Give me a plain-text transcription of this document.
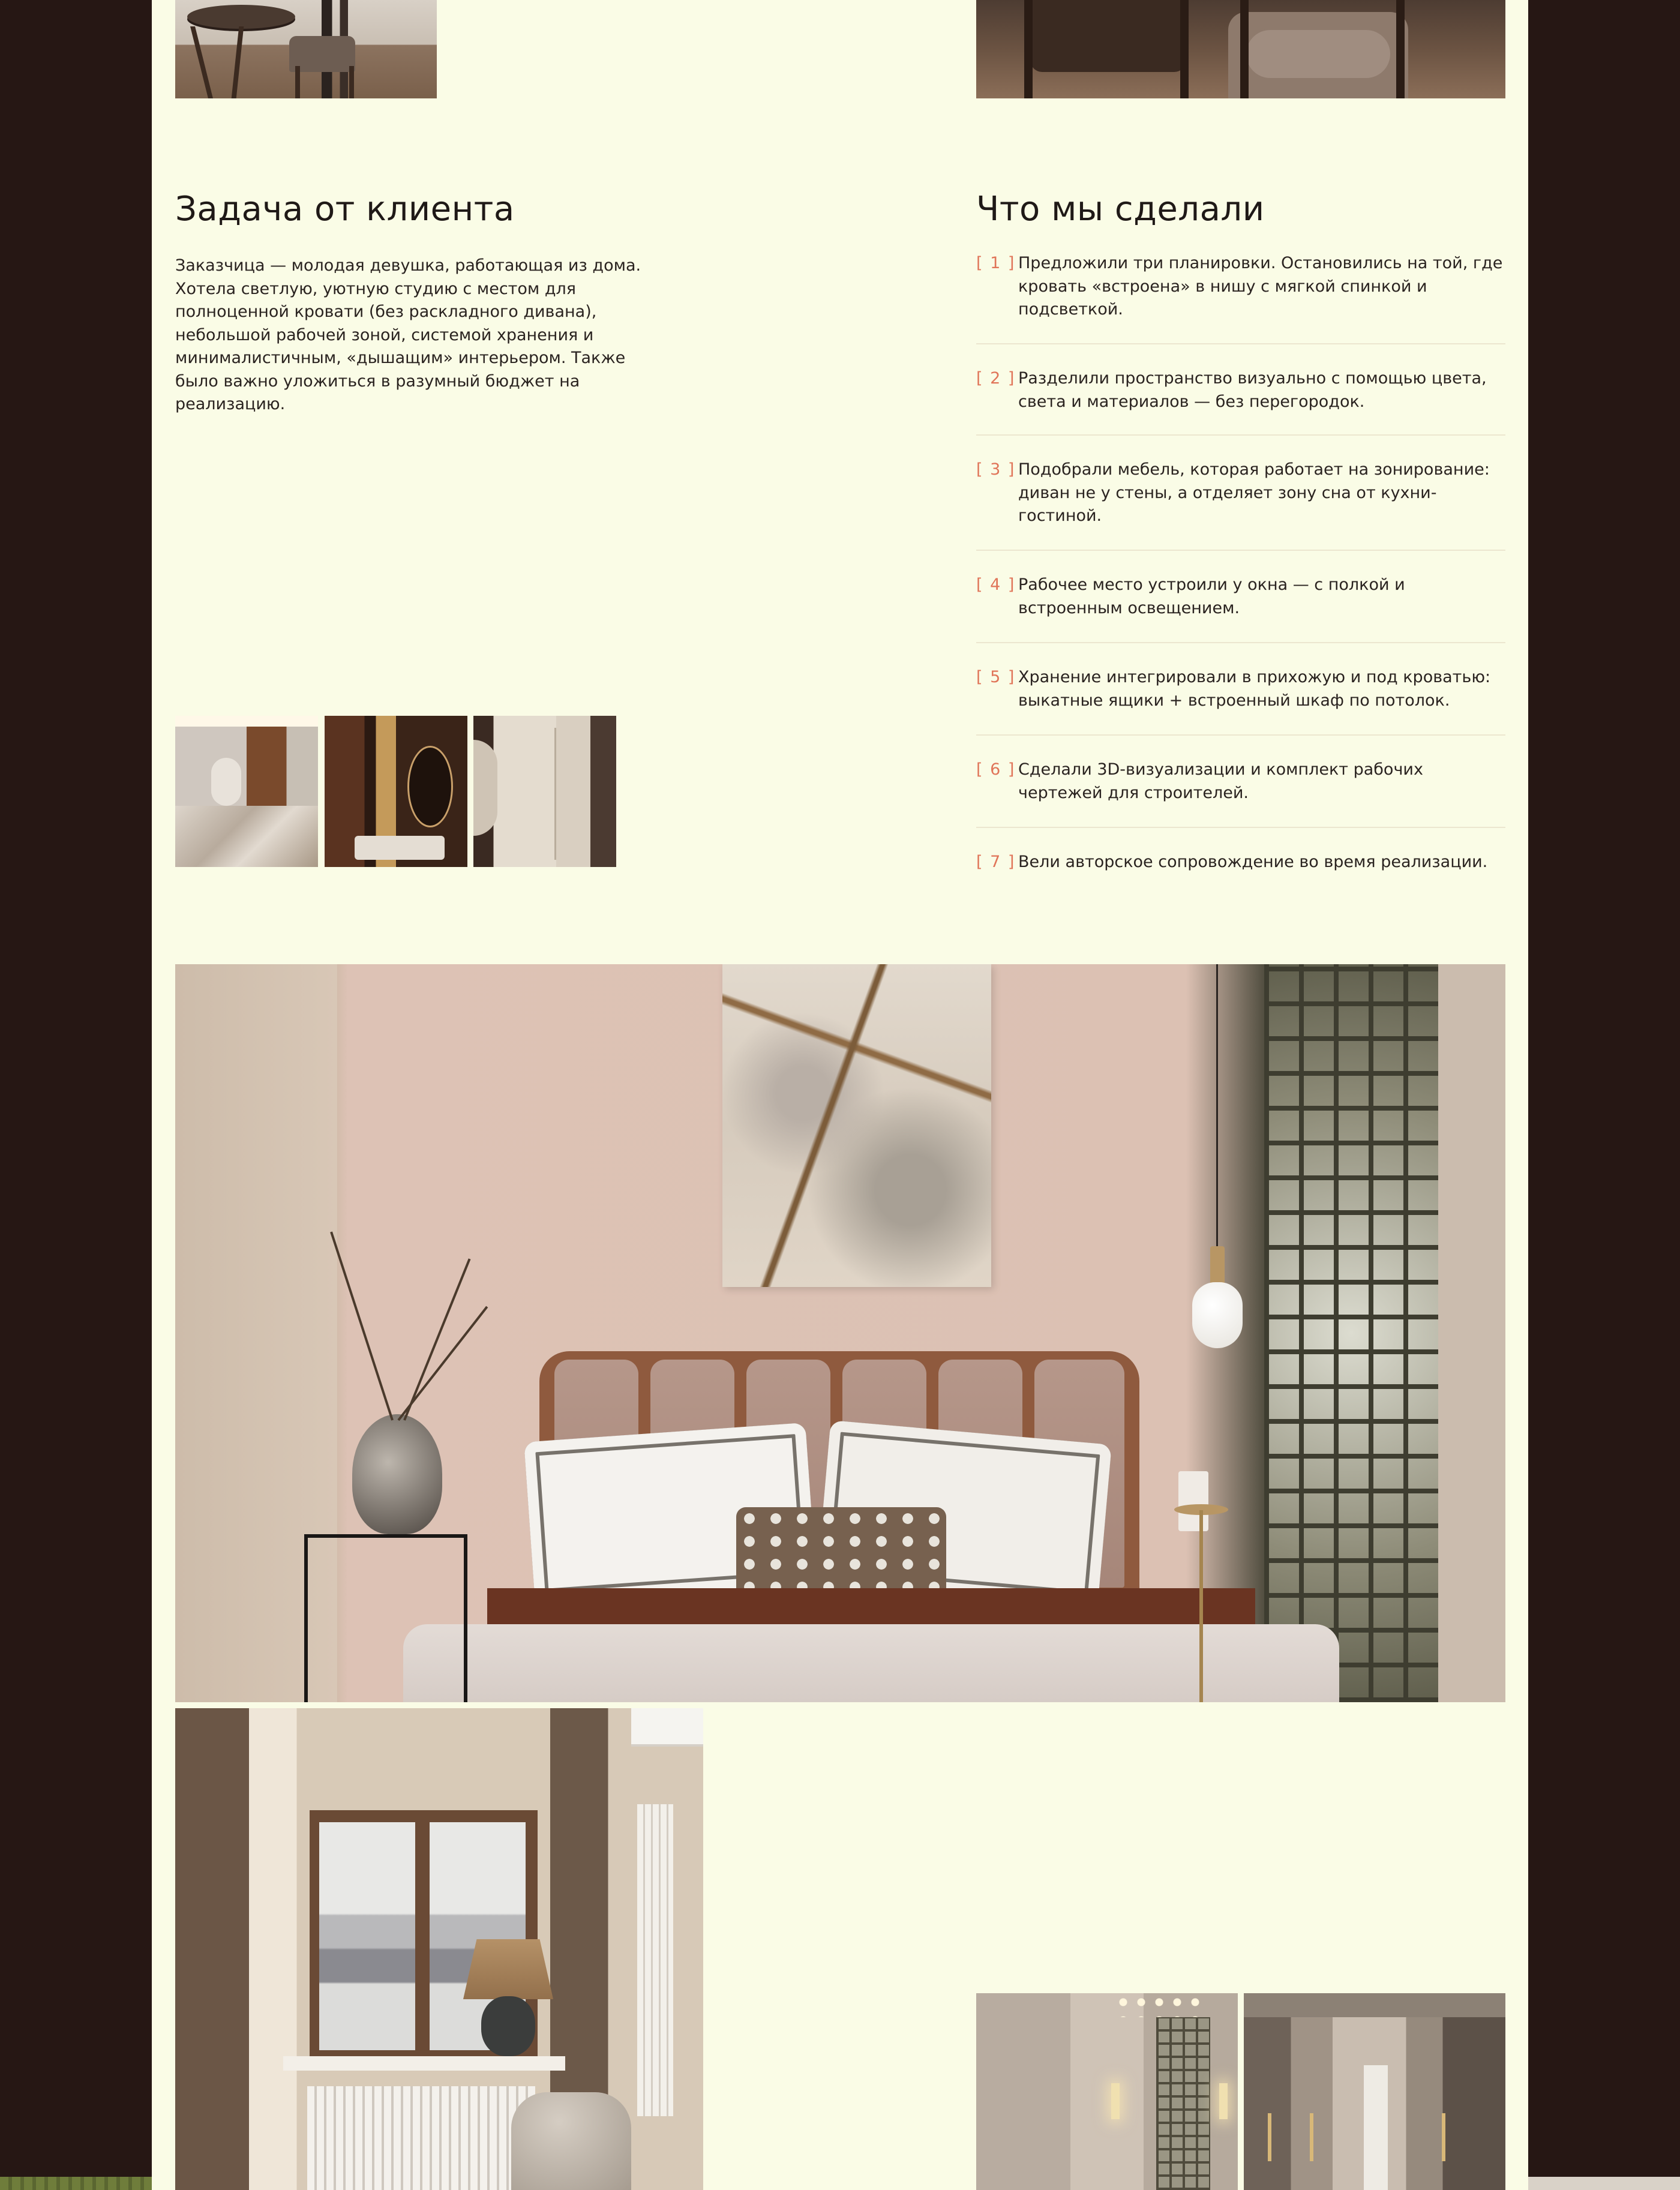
Задача от клиента

Заказчица — молодая девушка, работающая из дома. Хотела светлую, уютную студию с местом для полноценной кровати (без раскладного дивана), небольшой рабочей зоной, системой хранения и минималистичным, «дышащим» интерьером. Также было важно уложиться в разумный бюджет на реализацию.

Что мы сделали
[ 1 ] Предложили три планировки. Остановились на той, где кровать «встроена» в нишу с мягкой спинкой и подсветкой.
[ 2 ] Разделили пространство визуально с помощью цвета, света и материалов — без перегородок.
[ 3 ] Подобрали мебель, которая работает на зонирование: диван не у стены, а отделяет зону сна от кухни-гостиной.
[ 4 ] Рабочее место устроили у окна — с полкой и встроенным освещением.
[ 5 ] Хранение интегрировали в прихожую и под кроватью: выкатные ящики + встроенный шкаф по потолок.
[ 6 ] Сделали 3D-визуализации и комплект рабочих чертежей для строителей.
[ 7 ] Вели авторское сопровождение во время реализации.
